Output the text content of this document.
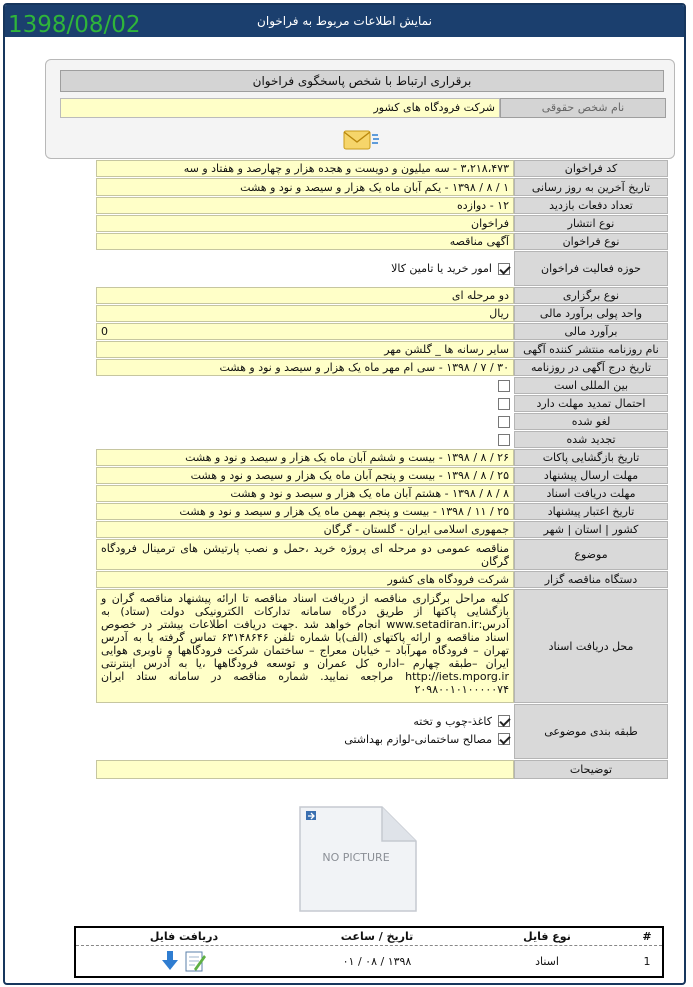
نمایش اطلاعات مربوط به فراخوان
برقراری ارتباط با شخص پاسخگوی فراخوان
نام شخص حقوقی
شرکت فرودگاه های کشور
1398/08/02
کد فراخوان
۳،۲۱۸،۴۷۳ - سه میلیون و دویست و هجده هزار و چهارصد و هفتاد و سه
تاریخ آخرین به روز رسانی
۱ / ۸ / ۱۳۹۸ - یکم آبان ماه یک هزار و سیصد و نود و هشت
تعداد دفعات بازدید
۱۲ - دوازده
نوع انتشار
فراخوان
نوع فراخوان
آگهی مناقصه
حوزه فعالیت فراخوان
امور خرید یا تامین کالا
نوع برگزاری
دو مرحله ای
واحد پولی برآورد مالی
ریال
برآورد مالی
0
نام روزنامه منتشر کننده آگهی
سایر رسانه ها _ گلشن مهر
تاریخ درج آگهی در روزنامه
۳۰ / ۷ / ۱۳۹۸ - سی ام مهر ماه یک هزار و سیصد و نود و هشت
بین المللی است
احتمال تمدید مهلت دارد
لغو شده
تجدید شده
تاریخ بازگشایی پاکات
۲۶ / ۸ / ۱۳۹۸ - بیست و ششم آبان ماه یک هزار و سیصد و نود و هشت
مهلت ارسال پیشنهاد
۲۵ / ۸ / ۱۳۹۸ - بیست و پنجم آبان ماه یک هزار و سیصد و نود و هشت
مهلت دریافت اسناد
۸ / ۸ / ۱۳۹۸ - هشتم آبان ماه یک هزار و سیصد و نود و هشت
تاریخ اعتبار پیشنهاد
۲۵ / ۱۱ / ۱۳۹۸ - بیست و پنجم بهمن ماه یک هزار و سیصد و نود و هشت
کشور | استان | شهر
جمهوری اسلامی ایران - گلستان - گرگان
موضوع
مناقصه عمومی دو مرحله ای پروژه خرید ،حمل و نصب پارتیشن های ترمینال فرودگاه گرگان
دستگاه مناقصه گزار
شرکت فرودگاه های کشور
محل دریافت اسناد
کلیه مراحل برگزاری مناقصه از دریافت اسناد مناقصه تا ارائه پیشنهاد مناقصه گران و بازگشایی پاکتها از طریق درگاه سامانه تدارکات الکترونیکی دولت (ستاد) به آدرس:www.setadiran.ir انجام خواهد شد .جهت دریافت اطلاعات بیشتر در خصوص اسناد مناقصه و ارائه پاکتهای (الف)با شماره تلفن ۶۳۱۴۸۶۴۶ تماس گرفته یا به آدرس تهران – فرودگاه مهرآباد – خیابان معراج – ساختمان شرکت فرودگاهها و ناوبری هوایی ایران –طبقه چهارم –اداره کل عمران و توسعه فرودگاهها ،یا به آدرس اینترنتی http://iets.mporg.ir مراجعه نمایید. شماره مناقصه در سامانه ستاد ایران ۲۰۹۸۰۰۱۰۱۰۰۰۰۰۷۴
طبقه بندی موضوعی
کاغذ-چوب و تخته
مصالح ساختمانی-لوازم بهداشتی
توضیحات
NO PICTURE
#
نوع فایل
تاریخ / ساعت
دریافت فایل
1
اسناد
۱۳۹۸ / ۰۸ / ۰۱
